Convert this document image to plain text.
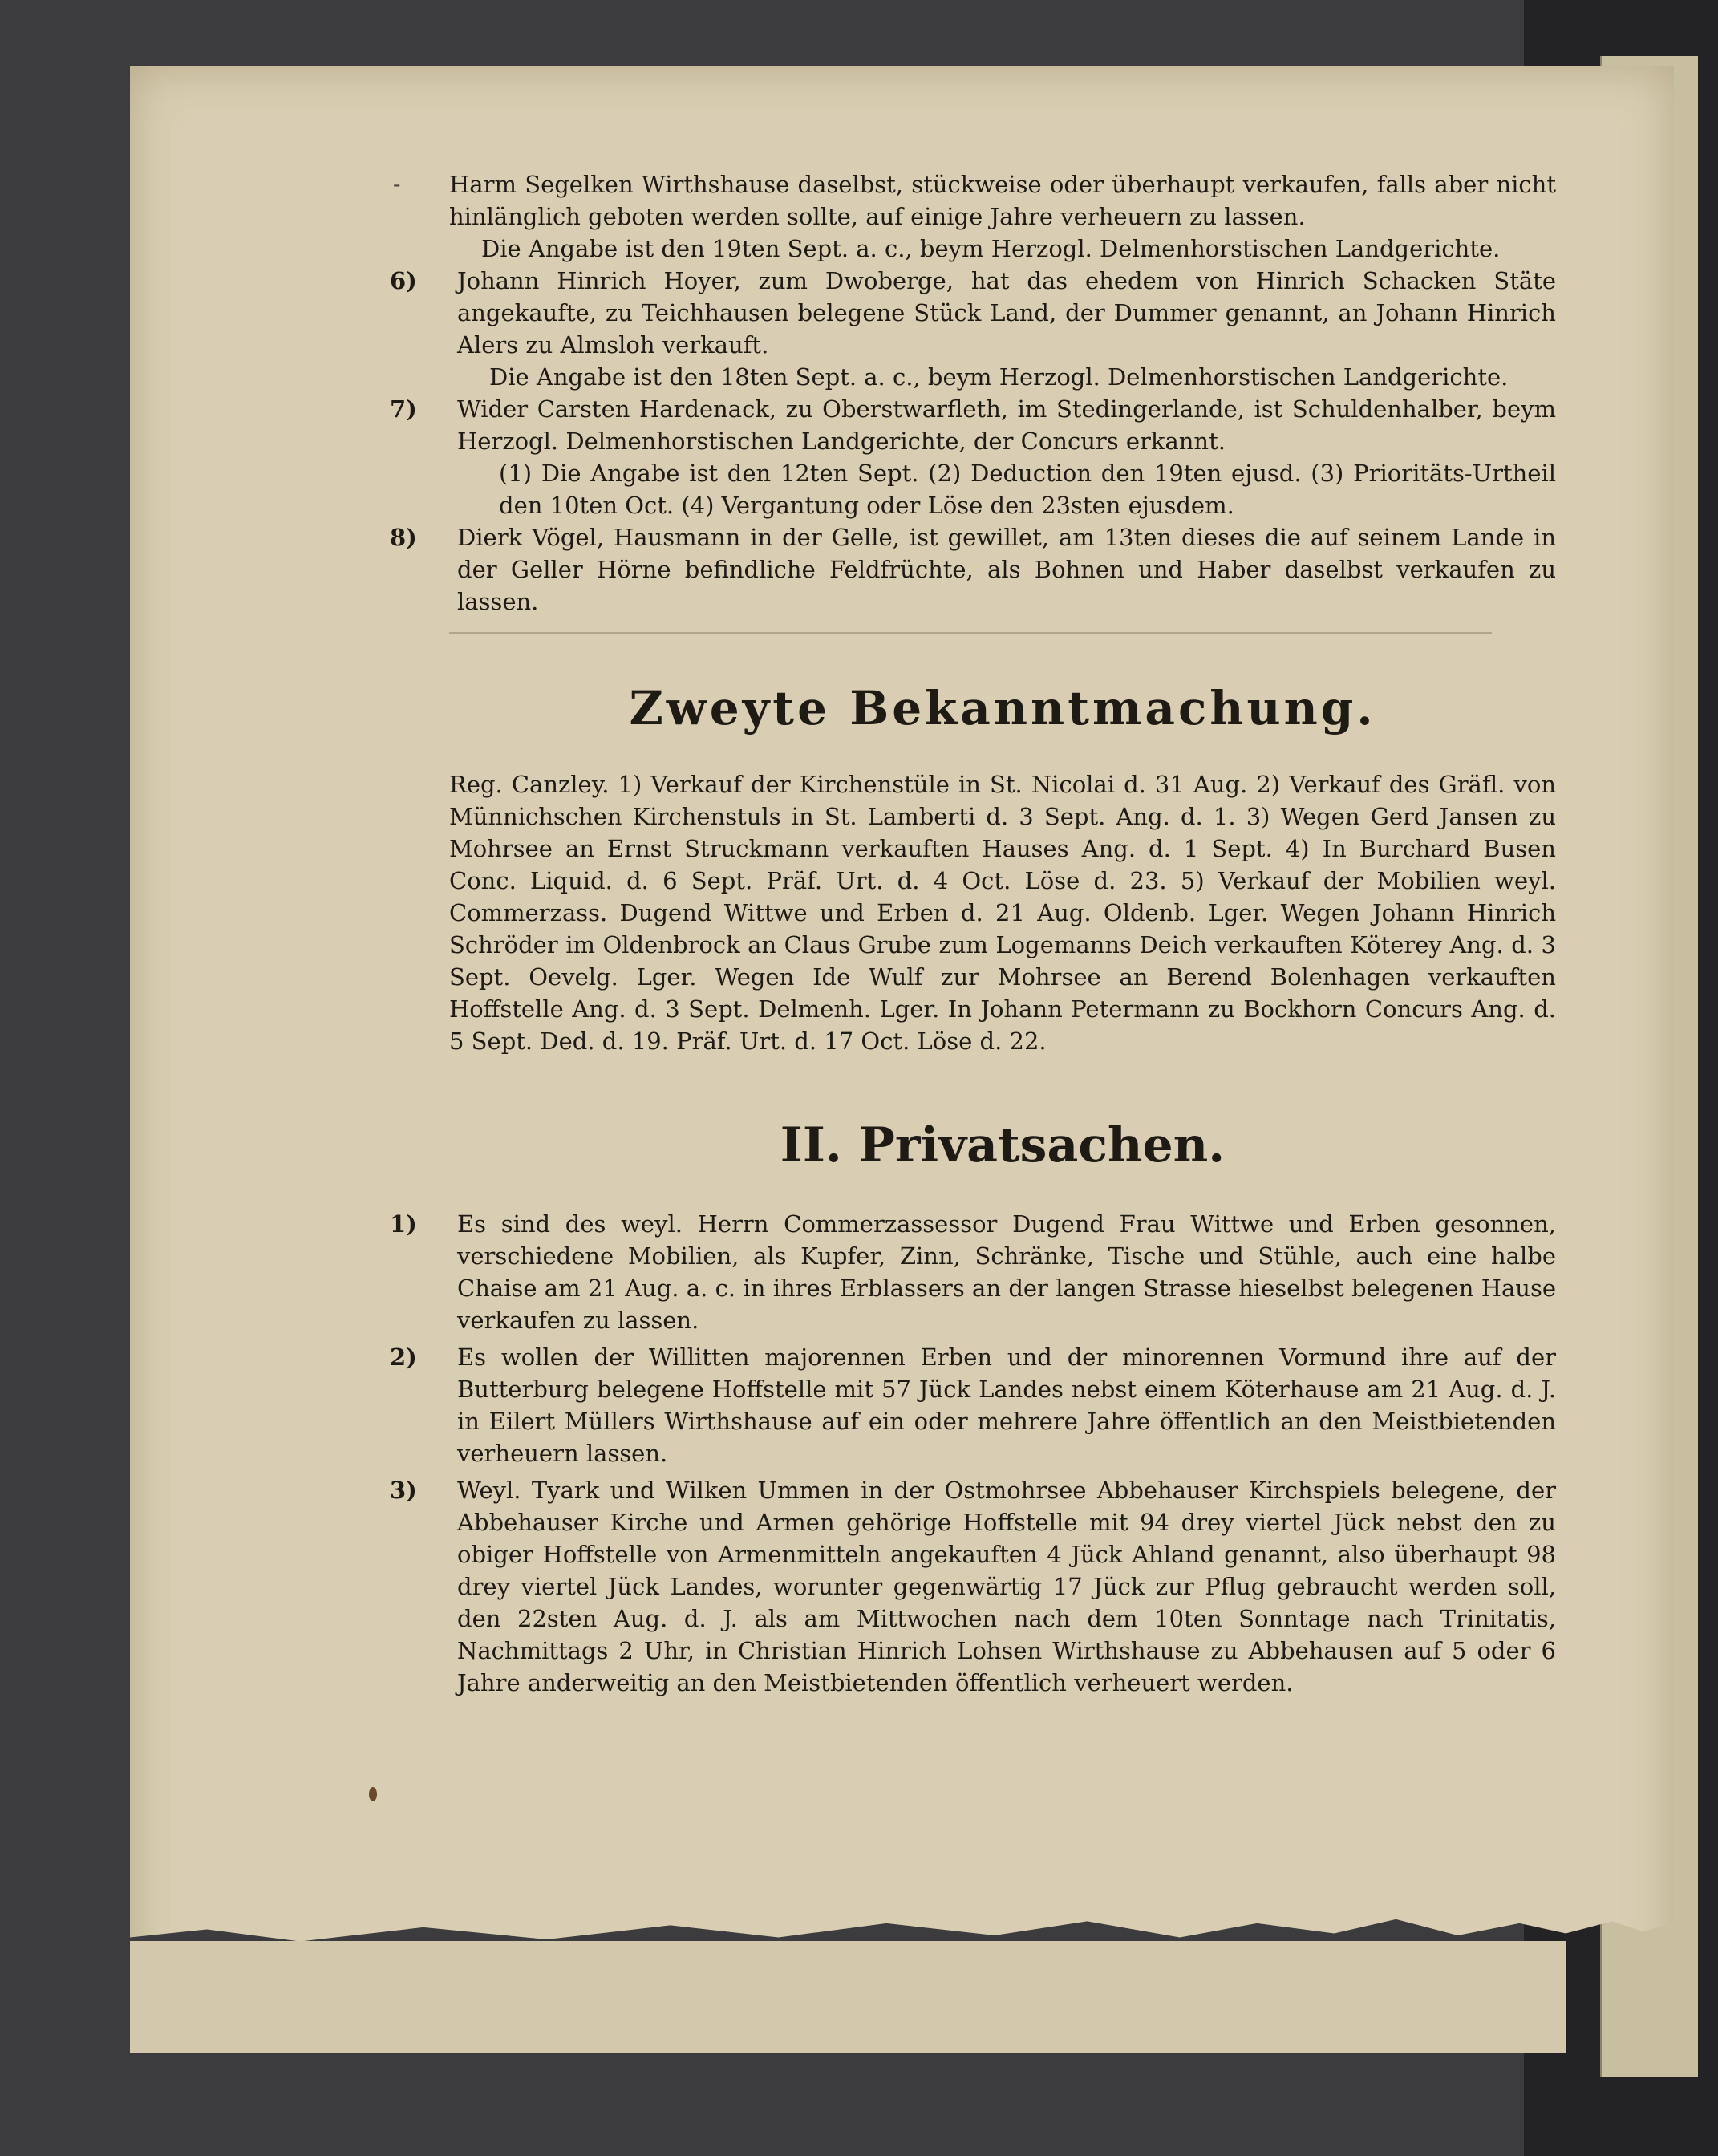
- Harm Segelken Wirthshause daselbst, stückweise oder überhaupt verkaufen, falls aber nicht hinlänglich geboten werden sollte, auf einige Jahre verheuern zu lassen.

Die Angabe ist den 19ten Sept. a. c., beym Herzogl. Delmenhorstischen Landgerichte.

6) Johann Hinrich Hoyer, zum Dwoberge, hat das ehedem von Hinrich Schacken Stäte angekaufte, zu Teichhausen belegene Stück Land, der Dummer genannt, an Johann Hinrich Alers zu Almsloh verkauft.

Die Angabe ist den 18ten Sept. a. c., beym Herzogl. Delmenhorstischen Landgerichte.

7) Wider Carsten Hardenack, zu Oberstwarfleth, im Stedingerlande, ist Schuldenhalber, beym Herzogl. Delmenhorstischen Landgerichte, der Concurs erkannt.

(1) Die Angabe ist den 12ten Sept. (2) Deduction den 19ten ejusd. (3) Prioritäts-Urtheil den 10ten Oct. (4) Vergantung oder Löse den 23sten ejusdem.

8) Dierk Vögel, Hausmann in der Gelle, ist gewillet, am 13ten dieses die auf seinem Lande in der Geller Hörne befindliche Feldfrüchte, als Bohnen und Haber daselbst verkaufen zu lassen.

Zweyte Bekanntmachung.

Reg. Canzley. 1) Verkauf der Kirchenstüle in St. Nicolai d. 31 Aug. 2) Verkauf des Gräfl. von Münnichschen Kirchenstuls in St. Lamberti d. 3 Sept. Ang. d. 1. 3) Wegen Gerd Jansen zu Mohrsee an Ernst Struckmann verkauften Hauses Ang. d. 1 Sept. 4) In Burchard Busen Conc. Liquid. d. 6 Sept. Präf. Urt. d. 4 Oct. Löse d. 23. 5) Verkauf der Mobilien weyl. Commerzass. Dugend Wittwe und Erben d. 21 Aug. Oldenb. Lger. Wegen Johann Hinrich Schröder im Oldenbrock an Claus Grube zum Logemanns Deich verkauften Köterey Ang. d. 3 Sept. Oevelg. Lger. Wegen Ide Wulf zur Mohrsee an Berend Bolenhagen verkauften Hoffstelle Ang. d. 3 Sept. Delmenh. Lger. In Johann Petermann zu Bockhorn Concurs Ang. d. 5 Sept. Ded. d. 19. Präf. Urt. d. 17 Oct. Löse d. 22.

II. Privatsachen.
1) Es sind des weyl. Herrn Commerzassessor Dugend Frau Wittwe und Erben gesonnen, verschiedene Mobilien, als Kupfer, Zinn, Schränke, Tische und Stühle, auch eine halbe Chaise am 21 Aug. a. c. in ihres Erblassers an der langen Strasse hieselbst belegenen Hause verkaufen zu lassen.

2) Es wollen der Willitten majorennen Erben und der minorennen Vormund ihre auf der Butterburg belegene Hoffstelle mit 57 Jück Landes nebst einem Köterhause am 21 Aug. d. J. in Eilert Müllers Wirthshause auf ein oder mehrere Jahre öffentlich an den Meistbietenden verheuern lassen.

3) Weyl. Tyark und Wilken Ummen in der Ostmohrsee Abbehauser Kirchspiels belegene, der Abbehauser Kirche und Armen gehörige Hoffstelle mit 94 drey viertel Jück nebst den zu obiger Hoffstelle von Armenmitteln angekauften 4 Jück Ahland genannt, also überhaupt 98 drey viertel Jück Landes, worunter gegenwärtig 17 Jück zur Pflug gebraucht werden soll, den 22sten Aug. d. J. als am Mittwochen nach dem 10ten Sonntage nach Trinitatis, Nachmittags 2 Uhr, in Christian Hinrich Lohsen Wirthshause zu Abbehausen auf 5 oder 6 Jahre anderweitig an den Meistbietenden öffentlich verheuert werden.
